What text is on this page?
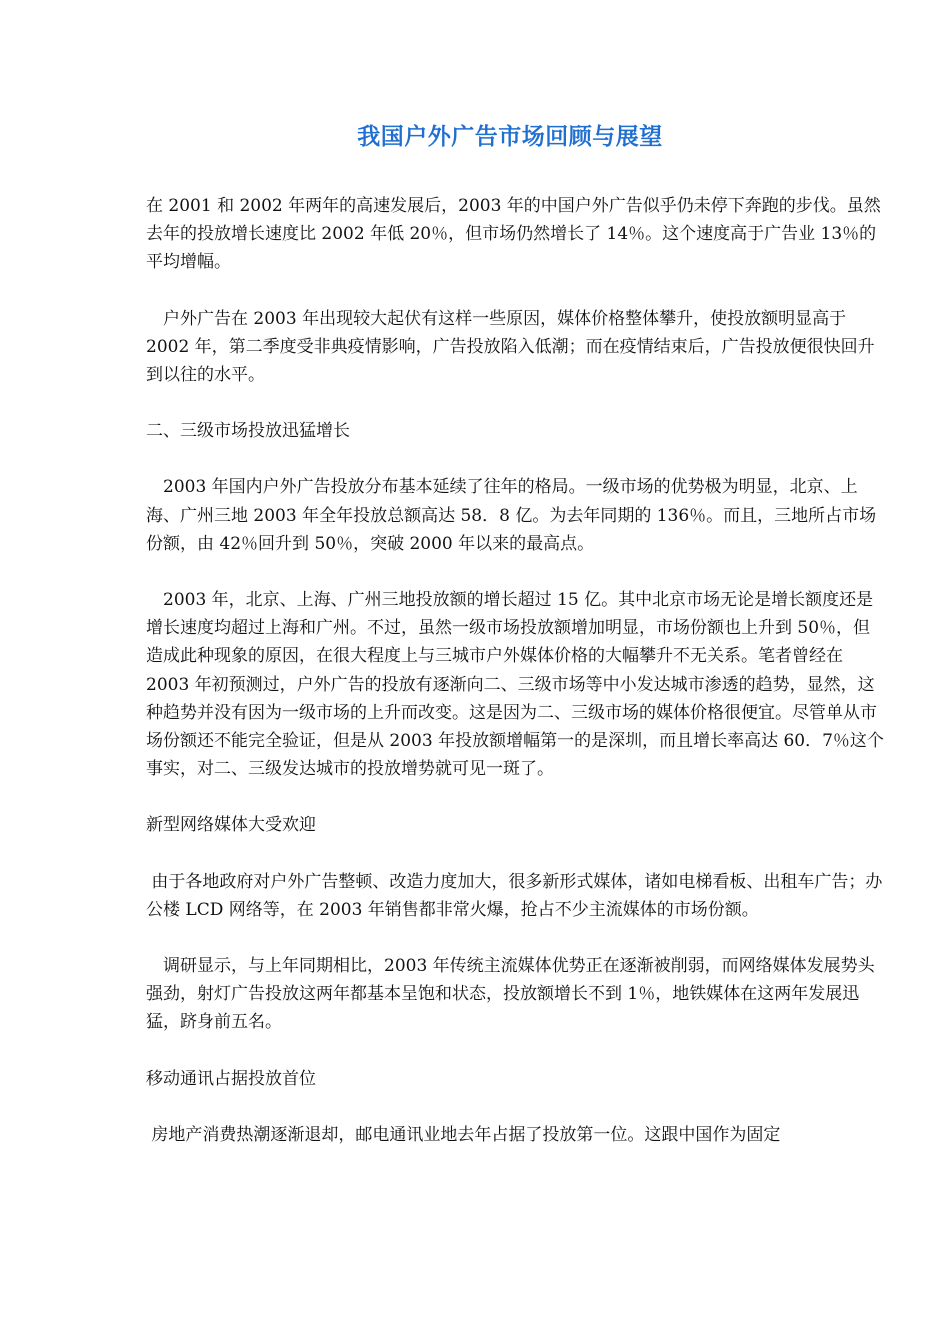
我国户外广告市场回顾与展望

在 2001 和 2002 年两年的高速发展后，2003 年的中国户外广告似乎仍未停下奔跑的步伐。虽然去年的投放增长速度比 2002 年低 20％，但市场仍然增长了 14％。这个速度高于广告业 13％的平均增幅。

　户外广告在 2003 年出现较大起伏有这样一些原因，媒体价格整体攀升，使投放额明显高于 2002 年，第二季度受非典疫情影响，广告投放陷入低潮；而在疫情结束后，广告投放便很快回升到以往的水平。

二、三级市场投放迅猛增长

　2003 年国内户外广告投放分布基本延续了往年的格局。一级市场的优势极为明显，北京、上海、广州三地 2003 年全年投放总额高达 58．8 亿。为去年同期的 136％。而且，三地所占市场份额，由 42％回升到 50％，突破 2000 年以来的最高点。

　2003 年，北京、上海、广州三地投放额的增长超过 15 亿。其中北京市场无论是增长额度还是增长速度均超过上海和广州。不过，虽然一级市场投放额增加明显，市场份额也上升到 50％，但造成此种现象的原因，在很大程度上与三城市户外媒体价格的大幅攀升不无关系。笔者曾经在 2003 年初预测过，户外广告的投放有逐渐向二、三级市场等中小发达城市渗透的趋势，显然，这种趋势并没有因为一级市场的上升而改变。这是因为二、三级市场的媒体价格很便宜。尽管单从市场份额还不能完全验证，但是从 2003 年投放额增幅第一的是深圳，而且增长率高达 60．7％这个事实，对二、三级发达城市的投放增势就可见一斑了。

新型网络媒体大受欢迎

由于各地政府对户外广告整顿、改造力度加大，很多新形式媒体，诸如电梯看板、出租车广告；办公楼 LCD 网络等，在 2003 年销售都非常火爆，抢占不少主流媒体的市场份额。

　调研显示，与上年同期相比，2003 年传统主流媒体优势正在逐渐被削弱，而网络媒体发展势头强劲，射灯广告投放这两年都基本呈饱和状态，投放额增长不到 1％，地铁媒体在这两年发展迅猛，跻身前五名。

移动通讯占据投放首位

房地产消费热潮逐渐退却，邮电通讯业地去年占据了投放第一位。这跟中国作为固定
